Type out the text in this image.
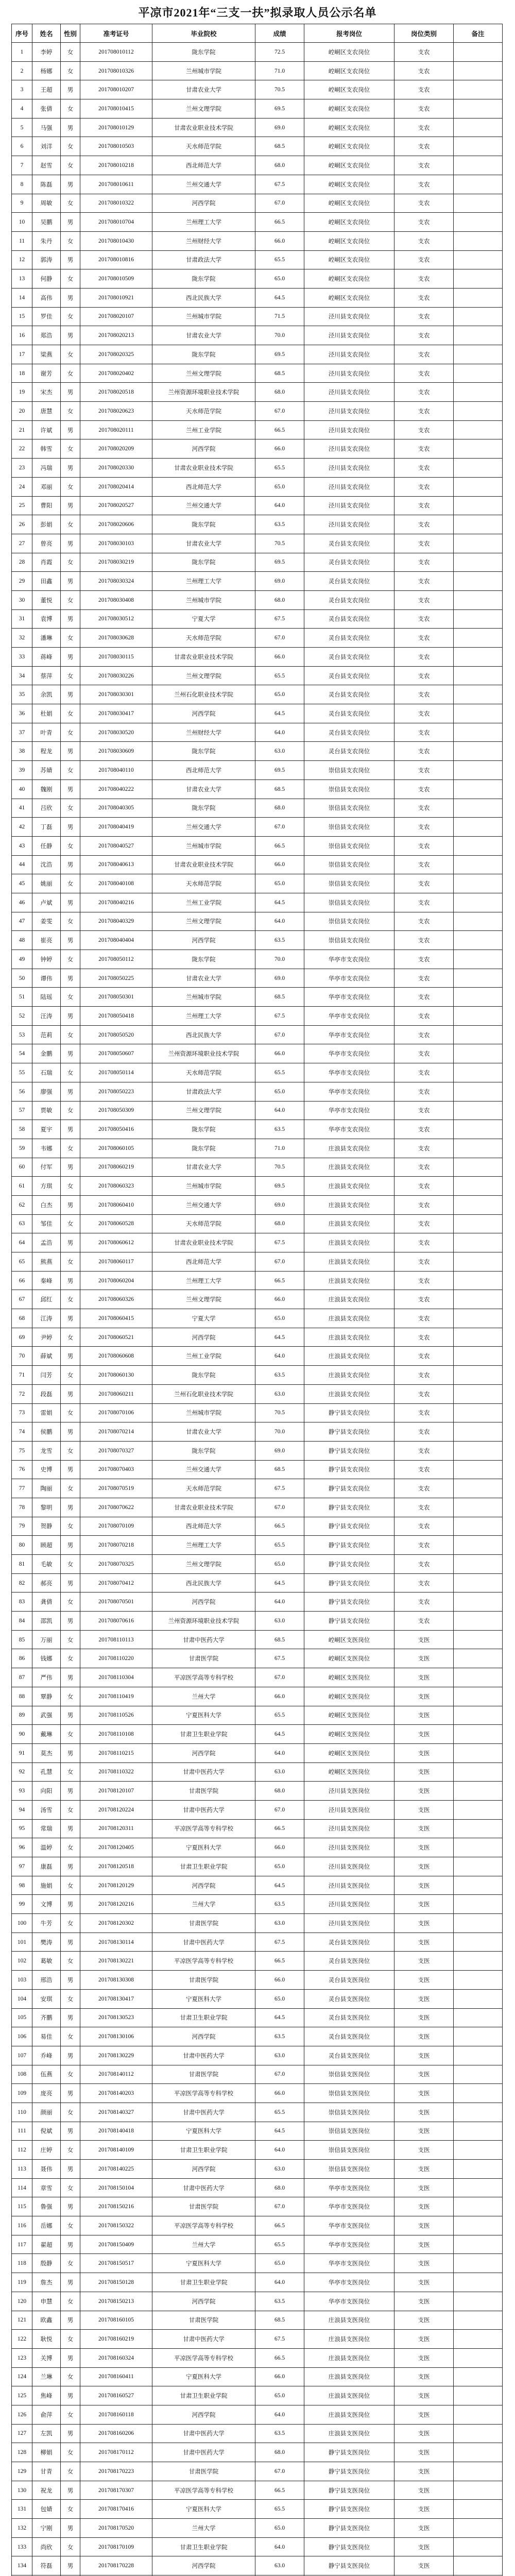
平凉市2021年“三支一扶”拟录取人员公示名单
序号	姓名	性别	准考证号	毕业院校	成绩	报考岗位	岗位类别	备注
1	李婷	女	201708010112	陇东学院	72.5	崆峒区支农岗位	支农	
2	杨娜	女	201708010326	兰州城市学院	71.0	崆峒区支农岗位	支农	
3	王超	男	201708010207	甘肃农业大学	70.5	崆峒区支农岗位	支农	
4	张倩	女	201708010415	兰州文理学院	69.5	崆峒区支农岗位	支农	
5	马强	男	201708010129	甘肃农业职业技术学院	69.0	崆峒区支农岗位	支农	
6	刘洋	女	201708010503	天水师范学院	68.5	崆峒区支农岗位	支农	
7	赵雪	女	201708010218	西北师范大学	68.0	崆峒区支农岗位	支农	
8	陈磊	男	201708010611	兰州交通大学	67.5	崆峒区支农岗位	支农	
9	周敏	女	201708010322	河西学院	67.0	崆峒区支农岗位	支农	
10	吴鹏	男	201708010704	兰州理工大学	66.5	崆峒区支农岗位	支农	
11	朱丹	女	201708010430	兰州财经大学	66.0	崆峒区支农岗位	支农	
12	郭涛	男	201708010816	甘肃政法大学	65.5	崆峒区支农岗位	支农	
13	何静	女	201708010509	陇东学院	65.0	崆峒区支农岗位	支农	
14	高伟	男	201708010921	西北民族大学	64.5	崆峒区支农岗位	支农	
15	罗佳	女	201708020107	兰州城市学院	71.5	泾川县支农岗位	支农	
16	郑浩	男	201708020213	甘肃农业大学	70.0	泾川县支农岗位	支农	
17	梁燕	女	201708020325	陇东学院	69.5	泾川县支农岗位	支农	
18	谢芳	女	201708020402	兰州文理学院	68.5	泾川县支农岗位	支农	
19	宋杰	男	201708020518	兰州资源环境职业技术学院	68.0	泾川县支农岗位	支农	
20	唐慧	女	201708020623	天水师范学院	67.0	泾川县支农岗位	支农	
21	许斌	男	201708020111	兰州工业学院	66.5	泾川县支农岗位	支农	
22	韩雪	女	201708020209	河西学院	66.0	泾川县支农岗位	支农	
23	冯瑞	男	201708020330	甘肃农业职业技术学院	65.5	泾川县支农岗位	支农	
24	邓丽	女	201708020414	西北师范大学	65.0	泾川县支农岗位	支农	
25	曹阳	男	201708020527	兰州交通大学	64.0	泾川县支农岗位	支农	
26	彭娟	女	201708020606	陇东学院	63.5	泾川县支农岗位	支农	
27	曾亮	男	201708030103	甘肃农业大学	70.5	灵台县支农岗位	支农	
28	肖霞	女	201708030219	陇东学院	69.5	灵台县支农岗位	支农	
29	田鑫	男	201708030324	兰州理工大学	69.0	灵台县支农岗位	支农	
30	董悦	女	201708030408	兰州城市学院	68.0	灵台县支农岗位	支农	
31	袁博	男	201708030512	宁夏大学	67.5	灵台县支农岗位	支农	
32	潘琳	女	201708030628	天水师范学院	67.0	灵台县支农岗位	支农	
33	蒋峰	男	201708030115	甘肃农业职业技术学院	66.0	灵台县支农岗位	支农	
34	蔡萍	女	201708030226	兰州文理学院	65.5	灵台县支农岗位	支农	
35	余凯	男	201708030301	兰州石化职业技术学院	65.0	灵台县支农岗位	支农	
36	杜娟	女	201708030417	河西学院	64.5	灵台县支农岗位	支农	
37	叶青	女	201708030520	兰州财经大学	64.0	灵台县支农岗位	支农	
38	程龙	男	201708030609	陇东学院	63.0	灵台县支农岗位	支农	
39	苏婧	女	201708040110	西北师范大学	69.5	崇信县支农岗位	支农	
40	魏刚	男	201708040222	甘肃农业大学	68.5	崇信县支农岗位	支农	
41	吕欣	女	201708040305	陇东学院	68.0	崇信县支农岗位	支农	
42	丁磊	男	201708040419	兰州交通大学	67.0	崇信县支农岗位	支农	
43	任静	女	201708040527	兰州城市学院	66.5	崇信县支农岗位	支农	
44	沈浩	男	201708040613	甘肃农业职业技术学院	66.0	崇信县支农岗位	支农	
45	姚丽	女	201708040108	天水师范学院	65.0	崇信县支农岗位	支农	
46	卢斌	男	201708040216	兰州工业学院	64.5	崇信县支农岗位	支农	
47	姜雯	女	201708040329	兰州文理学院	64.0	崇信县支农岗位	支农	
48	崔亮	男	201708040404	河西学院	63.5	崇信县支农岗位	支农	
49	钟婷	女	201708050112	陇东学院	70.0	华亭市支农岗位	支农	
50	谭伟	男	201708050225	甘肃农业大学	69.0	华亭市支农岗位	支农	
51	陆瑶	女	201708050301	兰州城市学院	68.5	华亭市支农岗位	支农	
52	汪涛	男	201708050418	兰州理工大学	67.5	华亭市支农岗位	支农	
53	范莉	女	201708050520	西北民族大学	67.0	华亭市支农岗位	支农	
54	金鹏	男	201708050607	兰州资源环境职业技术学院	66.0	华亭市支农岗位	支农	
55	石瑞	女	201708050114	天水师范学院	65.5	华亭市支农岗位	支农	
56	廖强	男	201708050223	甘肃政法大学	65.0	华亭市支农岗位	支农	
57	贾敏	女	201708050309	兰州文理学院	64.0	华亭市支农岗位	支农	
58	夏宇	男	201708050416	陇东学院	63.5	华亭市支农岗位	支农	
59	韦娜	女	201708060105	陇东学院	71.0	庄浪县支农岗位	支农	
60	付军	男	201708060219	甘肃农业大学	70.5	庄浪县支农岗位	支农	
61	方琪	女	201708060323	兰州城市学院	69.5	庄浪县支农岗位	支农	
62	白杰	男	201708060410	兰州交通大学	69.0	庄浪县支农岗位	支农	
63	邹佳	女	201708060528	天水师范学院	68.0	庄浪县支农岗位	支农	
64	孟浩	男	201708060612	甘肃农业职业技术学院	67.5	庄浪县支农岗位	支农	
65	熊燕	女	201708060117	西北师范大学	67.0	庄浪县支农岗位	支农	
66	秦峰	男	201708060204	兰州理工大学	66.5	庄浪县支农岗位	支农	
67	邱红	女	201708060326	兰州文理学院	66.0	庄浪县支农岗位	支农	
68	江涛	男	201708060415	宁夏大学	65.0	庄浪县支农岗位	支农	
69	尹婷	女	201708060521	河西学院	64.5	庄浪县支农岗位	支农	
70	薛斌	男	201708060608	兰州工业学院	64.0	庄浪县支农岗位	支农	
71	闫芳	女	201708060130	陇东学院	63.5	庄浪县支农岗位	支农	
72	段磊	男	201708060211	兰州石化职业技术学院	63.0	庄浪县支农岗位	支农	
73	雷娟	女	201708070106	兰州城市学院	70.5	静宁县支农岗位	支农	
74	侯鹏	男	201708070214	甘肃农业大学	70.0	静宁县支农岗位	支农	
75	龙雪	女	201708070327	陇东学院	69.0	静宁县支农岗位	支农	
76	史博	男	201708070403	兰州交通大学	68.5	静宁县支农岗位	支农	
77	陶丽	女	201708070519	天水师范学院	67.5	静宁县支农岗位	支农	
78	黎明	男	201708070622	甘肃农业职业技术学院	67.0	静宁县支农岗位	支农	
79	贺静	女	201708070109	西北师范大学	66.5	静宁县支农岗位	支农	
80	顾超	男	201708070218	兰州理工大学	65.5	静宁县支农岗位	支农	
81	毛敏	女	201708070325	兰州文理学院	65.0	静宁县支农岗位	支农	
82	郝亮	男	201708070412	西北民族大学	64.5	静宁县支农岗位	支农	
83	龚倩	女	201708070501	河西学院	64.0	静宁县支农岗位	支农	
84	邵凯	男	201708070616	兰州资源环境职业技术学院	63.0	静宁县支农岗位	支农	
85	万丽	女	201708110113	甘肃中医药大学	68.5	崆峒区支医岗位	支医	
86	钱娜	女	201708110220	甘肃医学院	67.5	崆峒区支医岗位	支医	
87	严伟	男	201708110304	平凉医学高等专科学校	67.0	崆峒区支医岗位	支医	
88	覃静	女	201708110419	兰州大学	66.0	崆峒区支医岗位	支医	
89	武强	男	201708110526	宁夏医科大学	65.5	崆峒区支医岗位	支医	
90	戴琳	女	201708110108	甘肃卫生职业学院	64.5	崆峒区支医岗位	支医	
91	莫杰	男	201708110215	河西学院	64.0	崆峒区支医岗位	支医	
92	孔慧	女	201708110322	甘肃中医药大学	63.0	崆峒区支医岗位	支医	
93	向阳	男	201708120107	甘肃医学院	68.0	泾川县支医岗位	支医	
94	汤雪	女	201708120224	甘肃中医药大学	67.0	泾川县支医岗位	支医	
95	常瑞	男	201708120311	平凉医学高等专科学校	66.5	泾川县支医岗位	支医	
96	温婷	女	201708120405	宁夏医科大学	66.0	泾川县支医岗位	支医	
97	康磊	男	201708120518	甘肃卫生职业学院	65.0	泾川县支医岗位	支医	
98	施娟	女	201708120129	河西学院	64.5	泾川县支医岗位	支医	
99	文博	男	201708120216	兰州大学	63.5	泾川县支医岗位	支医	
100	牛芳	女	201708120302	甘肃医学院	63.0	泾川县支医岗位	支医	
101	樊涛	男	201708130114	甘肃中医药大学	67.5	灵台县支医岗位	支医	
102	葛敏	女	201708130221	平凉医学高等专科学校	66.5	灵台县支医岗位	支医	
103	邢浩	男	201708130308	甘肃医学院	66.0	灵台县支医岗位	支医	
104	安琪	女	201708130417	宁夏医科大学	65.0	灵台县支医岗位	支医	
105	齐鹏	男	201708130523	甘肃卫生职业学院	64.5	灵台县支医岗位	支医	
106	易佳	女	201708130106	河西学院	63.5	灵台县支医岗位	支医	
107	乔峰	男	201708130229	甘肃中医药大学	63.0	灵台县支医岗位	支医	
108	伍燕	女	201708140112	甘肃医学院	67.0	崇信县支医岗位	支医	
109	庞亮	男	201708140203	平凉医学高等专科学校	66.0	崇信县支医岗位	支医	
110	颜丽	女	201708140327	甘肃中医药大学	65.5	崇信县支医岗位	支医	
111	倪斌	男	201708140418	宁夏医科大学	64.5	崇信县支医岗位	支医	
112	庄婷	女	201708140109	甘肃卫生职业学院	64.0	崇信县支医岗位	支医	
113	聂伟	男	201708140225	河西学院	63.0	崇信县支医岗位	支医	
114	章雪	女	201708150104	甘肃中医药大学	68.0	华亭市支医岗位	支医	
115	鲁强	男	201708150216	甘肃医学院	67.0	华亭市支医岗位	支医	
116	岳娜	女	201708150322	平凉医学高等专科学校	66.5	华亭市支医岗位	支医	
117	翟超	男	201708150409	兰州大学	65.5	华亭市支医岗位	支医	
118	殷静	女	201708150517	宁夏医科大学	65.0	华亭市支医岗位	支医	
119	詹杰	男	201708150128	甘肃卫生职业学院	64.0	华亭市支医岗位	支医	
120	申慧	女	201708150213	河西学院	63.5	华亭市支医岗位	支医	
121	欧鑫	男	201708160105	甘肃医学院	68.5	庄浪县支医岗位	支医	
122	耿悦	女	201708160219	甘肃中医药大学	67.5	庄浪县支医岗位	支医	
123	关博	男	201708160324	平凉医学高等专科学校	66.5	庄浪县支医岗位	支医	
124	兰琳	女	201708160411	宁夏医科大学	66.0	庄浪县支医岗位	支医	
125	焦峰	男	201708160527	甘肃卫生职业学院	65.0	庄浪县支医岗位	支医	
126	俞萍	女	201708160118	河西学院	64.0	庄浪县支医岗位	支医	
127	左凯	男	201708160206	甘肃中医药大学	63.5	庄浪县支医岗位	支医	
128	柳娟	女	201708170112	甘肃中医药大学	68.0	静宁县支医岗位	支医	
129	甘青	女	201708170223	甘肃医学院	67.0	静宁县支医岗位	支医	
130	祝龙	男	201708170307	平凉医学高等专科学校	66.5	静宁县支医岗位	支医	
131	包婧	女	201708170416	宁夏医科大学	65.5	静宁县支医岗位	支医	
132	宁刚	男	201708170520	兰州大学	65.0	静宁县支医岗位	支医	
133	尚欣	女	201708170109	甘肃卫生职业学院	64.0	静宁县支医岗位	支医	
134	符磊	男	201708170228	河西学院	63.0	静宁县支医岗位	支医	
